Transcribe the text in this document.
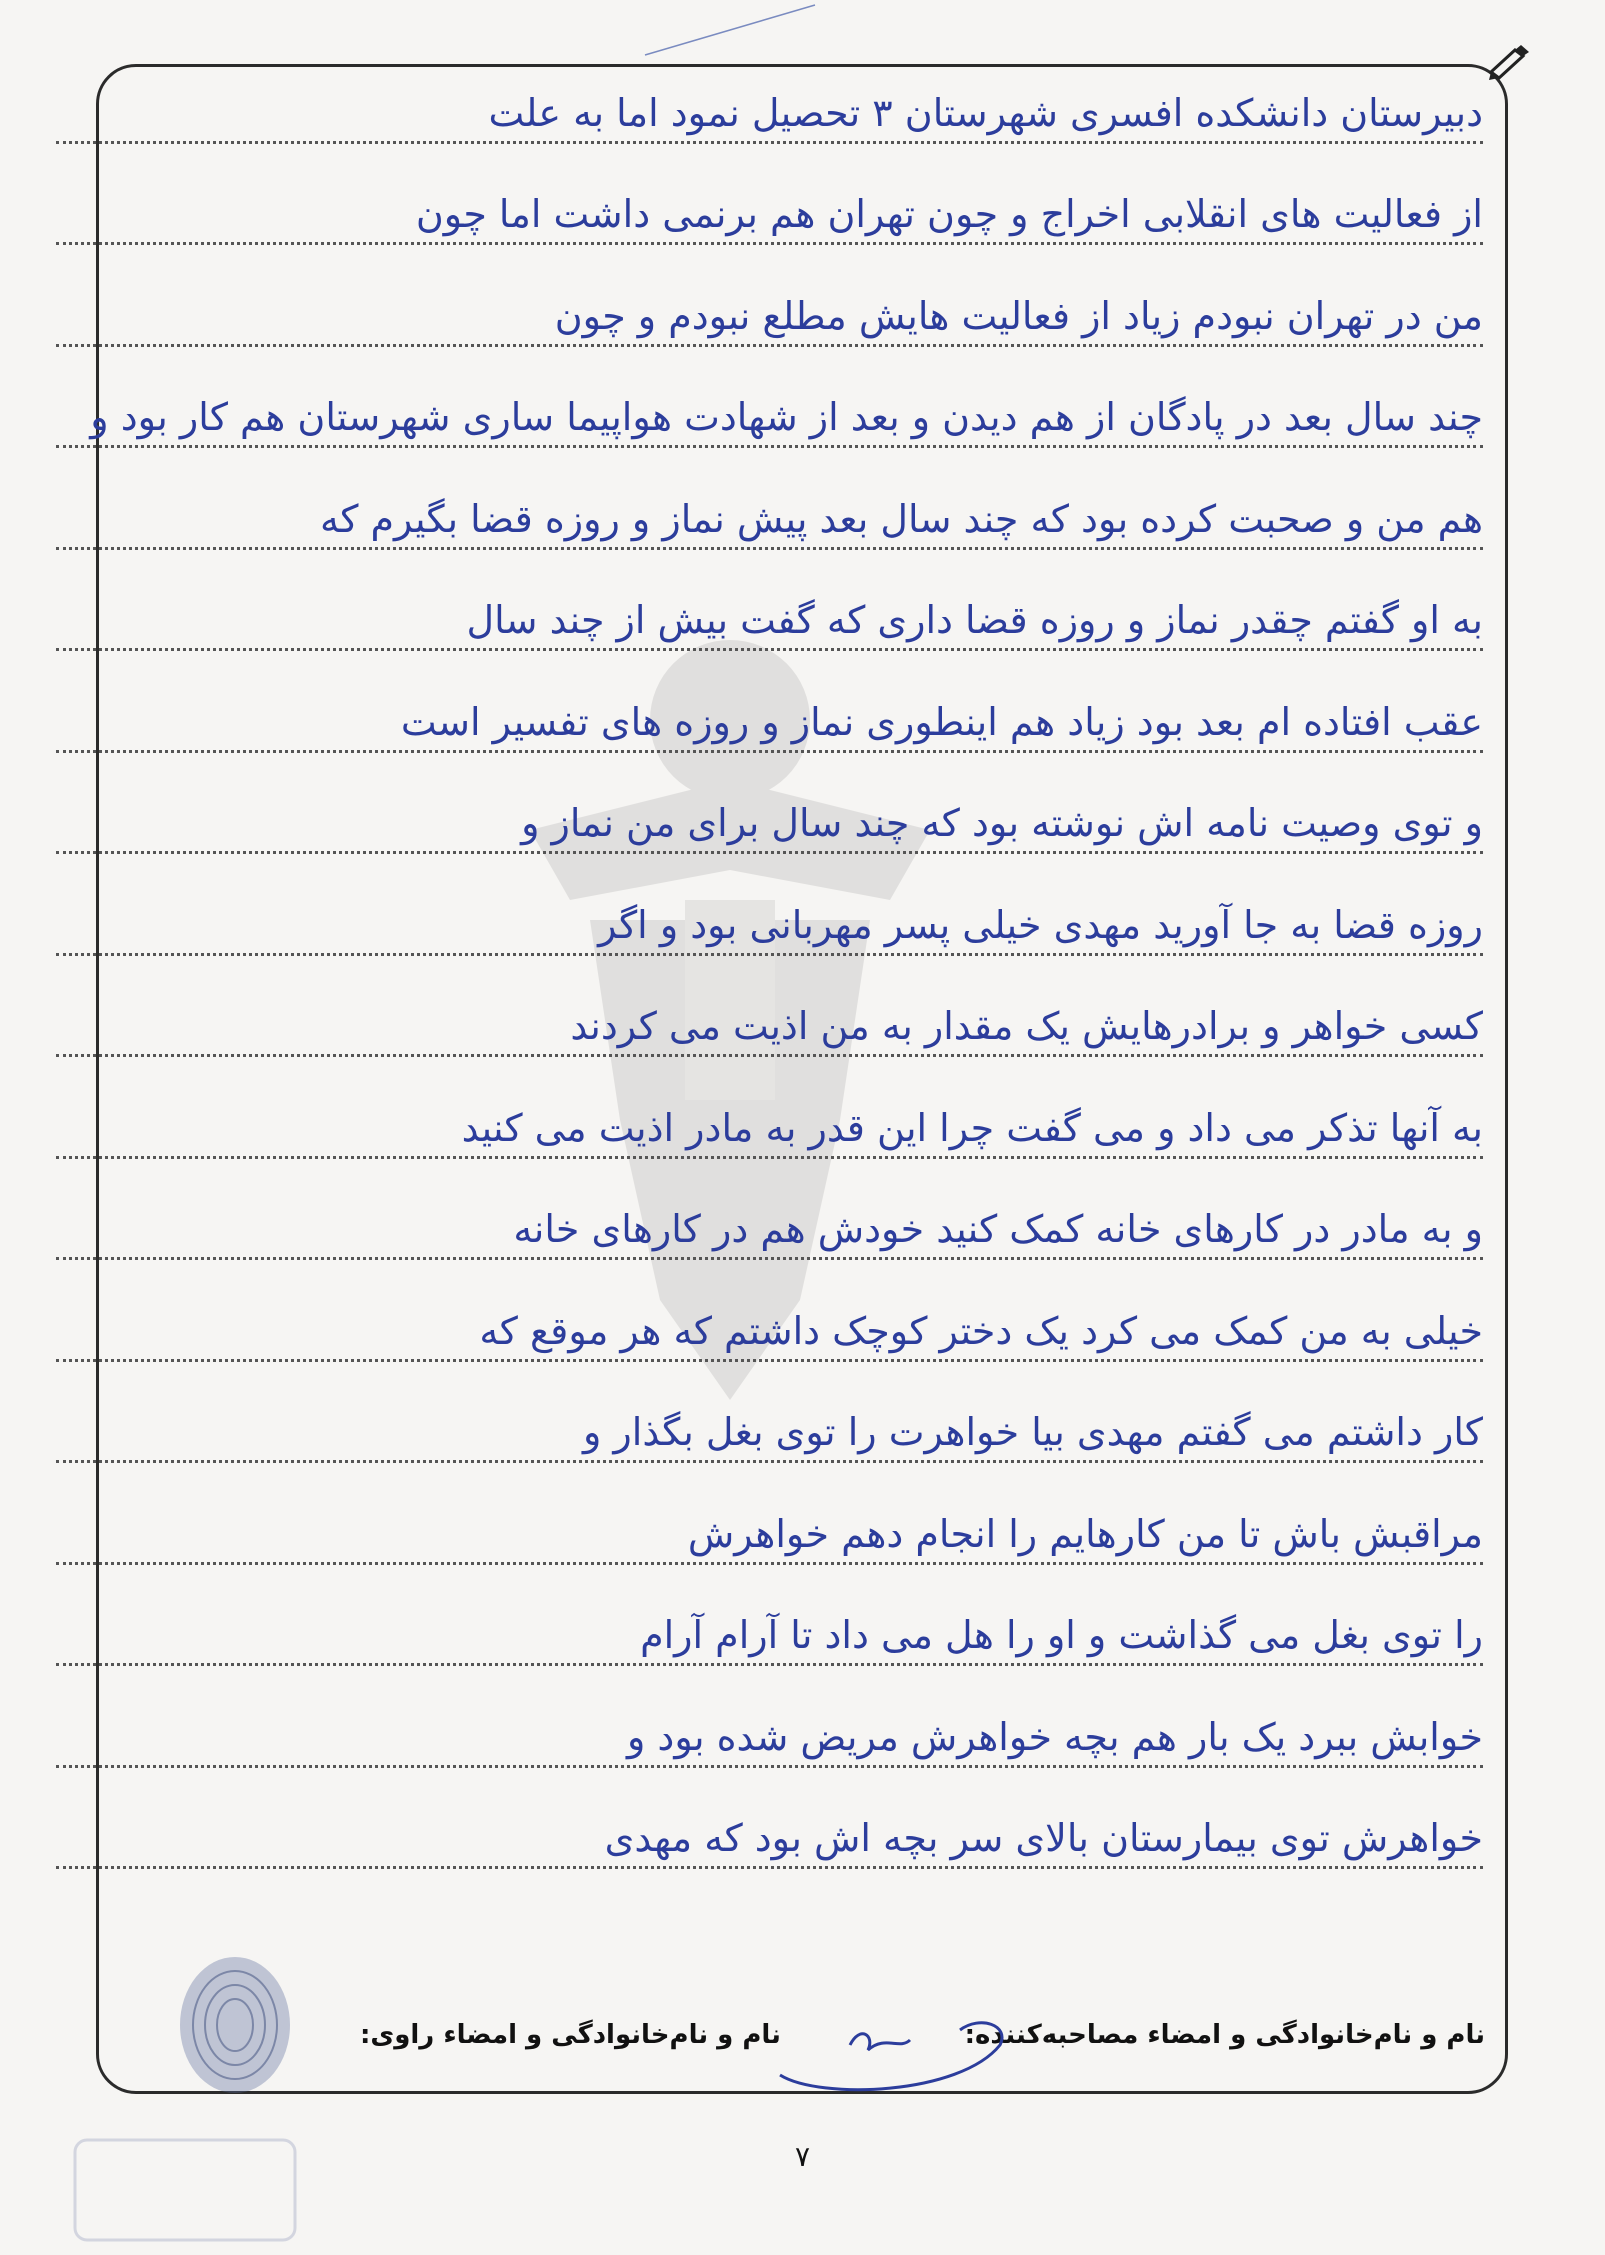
دبیرستان دانشکده افسری شهرستان ۳ تحصیل نمود اما به علت
از فعالیت های انقلابی اخراج و چون تهران هم برنمی داشت اما چون
من در تهران نبودم زیاد از فعالیت هایش مطلع نبودم و چون
چند سال بعد در پادگان از هم دیدن و بعد از شهادت هواپیما ساری شهرستان هم کار بود و
هم من و صحبت کرده بود که چند سال بعد پیش نماز و روزه قضا بگیرم که
به او گفتم چقدر نماز و روزه قضا داری که گفت بیش از چند سال
عقب افتاده ام بعد بود زیاد هم اینطوری نماز و روزه های تفسیر است
و توی وصیت نامه اش نوشته بود که چند سال برای من نماز و
روزه قضا به جا آورید مهدی خیلی پسر مهربانی بود و اگر
کسی خواهر و برادرهایش یک مقدار به من اذیت می کردند
به آنها تذکر می داد و می گفت چرا این قدر به مادر اذیت می کنید
و به مادر در کارهای خانه کمک کنید خودش هم در کارهای خانه
خیلی به من کمک می کرد یک دختر کوچک داشتم که هر موقع که
کار داشتم می گفتم مهدی بیا خواهرت را توی بغل بگذار و
مراقبش باش تا من کارهایم را انجام دهم خواهرش
را توی بغل می گذاشت و او را هل می داد تا آرام آرام
خوابش ببرد یک بار هم بچه خواهرش مریض شده بود و
خواهرش توی بیمارستان بالای سر بچه اش بود که مهدی
نام و نام‌خانوادگی و امضاء مصاحبه‌کننده:
نام و نام‌خانوادگی و امضاء راوی:
۷
